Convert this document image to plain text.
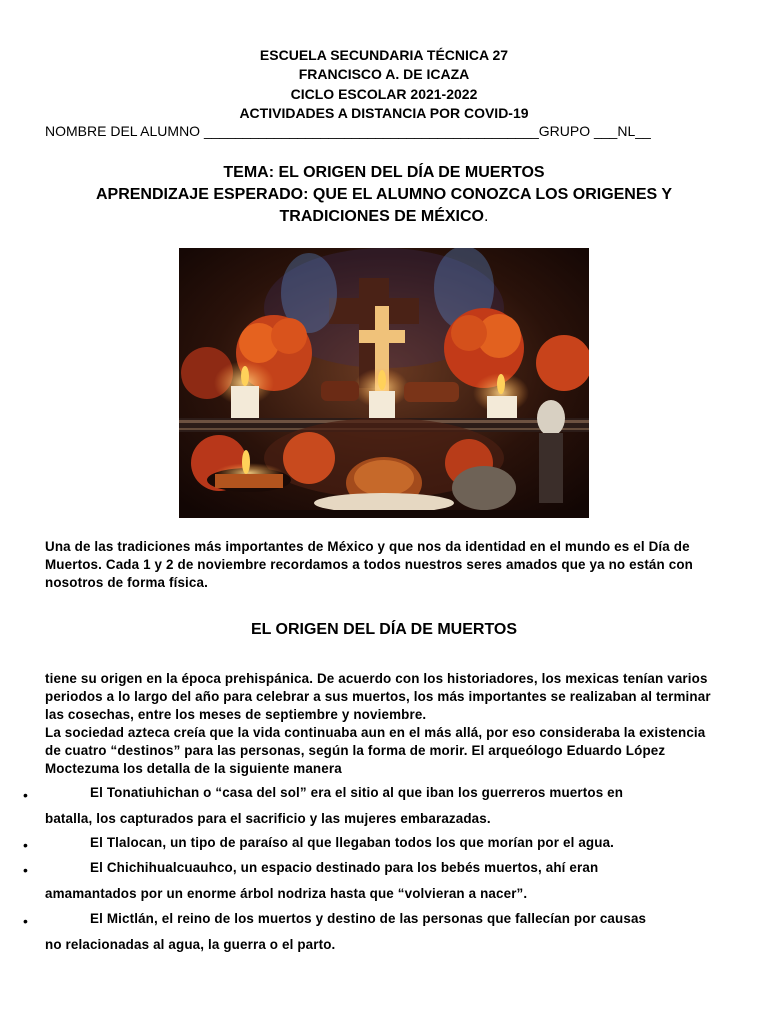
ESCUELA SECUNDARIA TÉCNICA 27
FRANCISCO A. DE ICAZA
CICLO ESCOLAR 2021-2022
ACTIVIDADES A DISTANCIA POR COVID-19
NOMBRE DEL ALUMNO ___________________________________________GRUPO ___NL__
TEMA: EL ORIGEN DEL DÍA DE MUERTOS
APRENDIZAJE ESPERADO: QUE EL ALUMNO CONOZCA LOS ORIGENES Y
TRADICIONES DE MÉXICO.
Una de las tradiciones más importantes de México y que nos da identidad en el mundo es el Día de Muertos. Cada 1 y 2 de noviembre recordamos a todos nuestros seres amados que ya no están con nosotros de forma física.
EL ORIGEN DEL DÍA DE MUERTOS
tiene su origen en la época prehispánica. De acuerdo con los historiadores, los mexicas tenían varios periodos a lo largo del año para celebrar a sus muertos, los más importantes se realizaban al terminar las cosechas, entre los meses de septiembre y noviembre.
La sociedad azteca creía que la vida continuaba aun en el más allá, por eso consideraba la existencia de cuatro “destinos” para las personas, según la forma de morir. El arqueólogo Eduardo López Moctezuma los detalla de la siguiente manera
•	El Tonatiuhichan o “casa del sol” era el sitio al que iban los guerreros muertos en
batalla, los capturados para el sacrificio y las mujeres embarazadas.
•	El Tlalocan, un tipo de paraíso al que llegaban todos los que morían por el agua.
•	El Chichihualcuauhco, un espacio destinado para los bebés muertos, ahí eran
amamantados por un enorme árbol nodriza hasta que “volvieran a nacer”.
•	El Mictlán, el reino de los muertos y destino de las personas que fallecían por causas
no relacionadas al agua, la guerra o el parto.
